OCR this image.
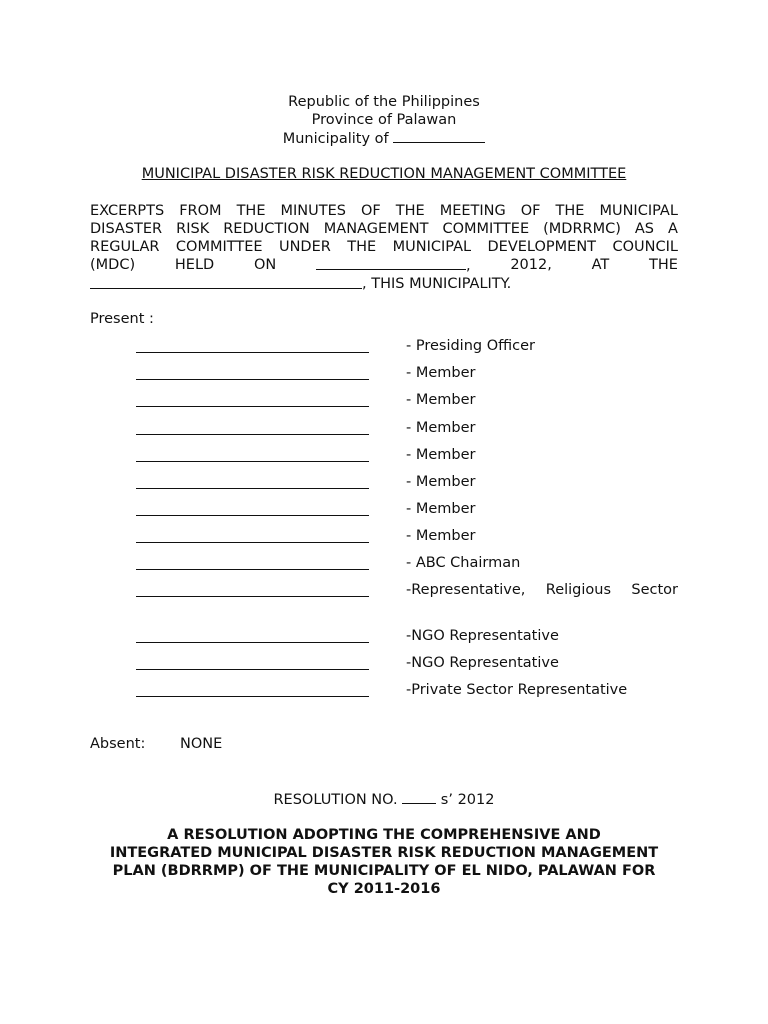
Republic of the Philippines
Province of Palawan
Municipality of
MUNICIPAL DISASTER RISK REDUCTION MANAGEMENT COMMITTEE
EXCERPTS FROM THE MINUTES OF THE MEETING OF THE MUNICIPAL
DISASTER RISK REDUCTION MANAGEMENT COMMITTEE (MDRRMC) AS A
REGULAR COMMITTEE UNDER THE MUNICIPAL DEVELOPMENT COUNCIL
(MDC)	HELD	ON	,	2012,	AT	THE
, THIS MUNICIPALITY.
Present :
- Presiding Officer
- Member
- Member
- Member
- Member
- Member
- Member
- Member
- ABC Chairman
-Representative, Religious Sector
-NGO Representative
-NGO Representative
-Private Sector Representative
Absent: NONE
RESOLUTION NO.  s’ 2012
A RESOLUTION ADOPTING THE COMPREHENSIVE AND
INTEGRATED MUNICIPAL DISASTER RISK REDUCTION MANAGEMENT
PLAN (BDRRMP) OF THE MUNICIPALITY OF EL NIDO, PALAWAN FOR
CY 2011-2016
